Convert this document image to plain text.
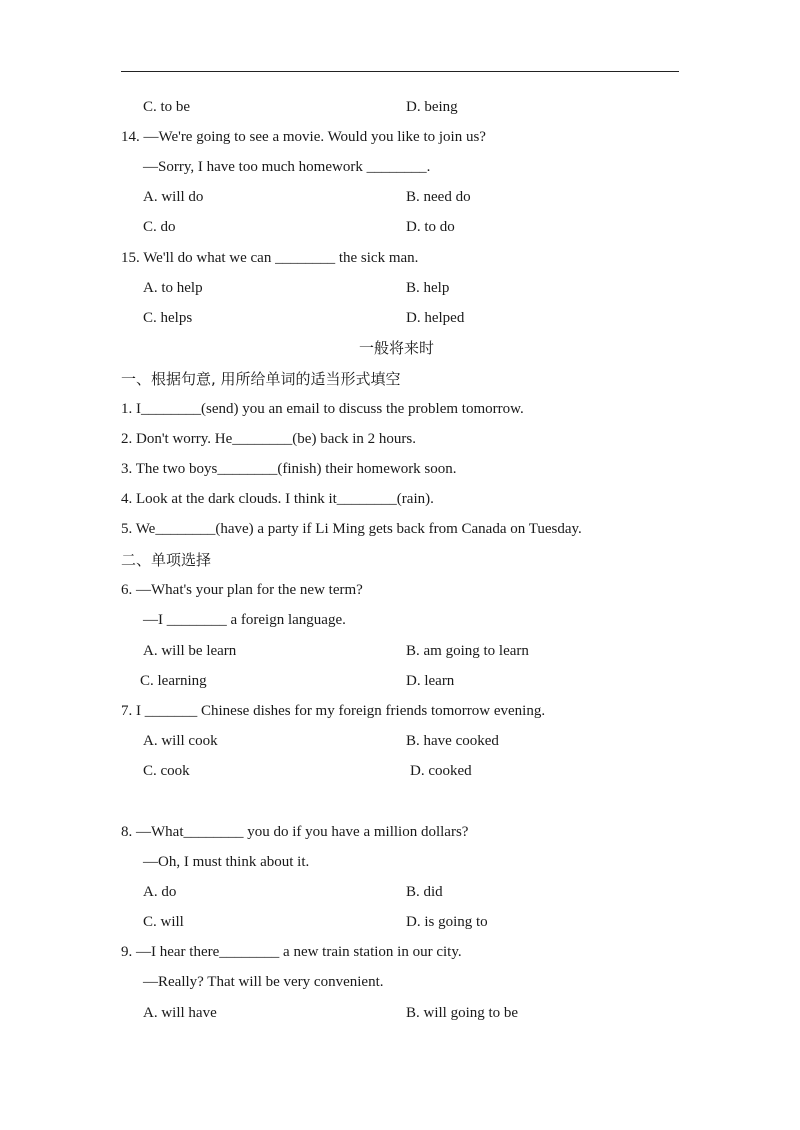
C. to be	D. being
14. —We're going to see a movie. Would you like to join us?
—Sorry, I have too much homework ________.
A. will do	B. need do
C. do	D. to do
15. We'll do what we can ________ the sick man.
A. to help	B. help
C. helps	D. helped
一般将来时
一、根据句意, 用所给单词的适当形式填空
1. I________(send) you an email to discuss the problem tomorrow.
2. Don't worry. He________(be) back in 2 hours.
3. The two boys________(finish) their homework soon.
4. Look at the dark clouds. I think it________(rain).
5. We________(have) a party if Li Ming gets back from Canada on Tuesday.
二、单项选择
6. —What's your plan for the new term?
—I ________ a foreign language.
A. will be learn	B. am going to learn
C. learning	D. learn
7. I _______ Chinese dishes for my foreign friends tomorrow evening.
A. will cook	B. have cooked
C. cook	D. cooked
8. —What________ you do if you have a million dollars?
—Oh, I must think about it.
A. do	B. did
C. will	D. is going to
9. —I hear there________ a new train station in our city.
—Really? That will be very convenient.
A. will have	B. will going to be
